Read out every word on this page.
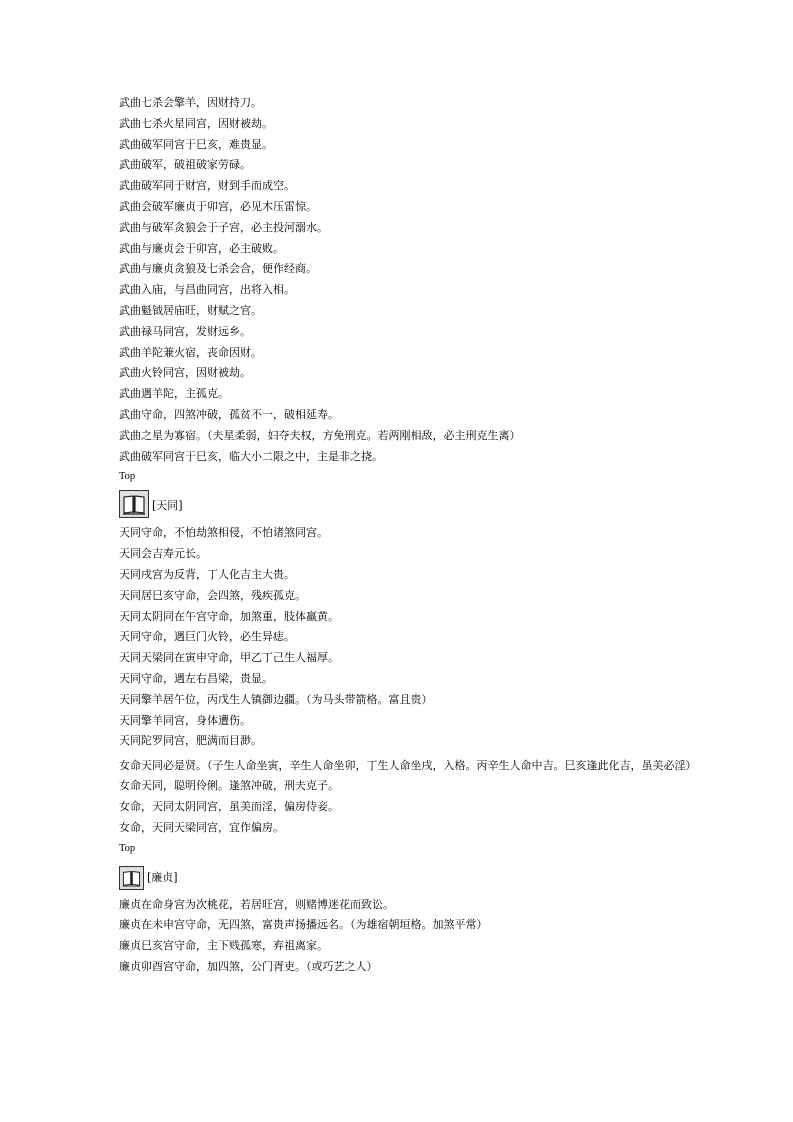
武曲七杀会擎羊，因财持刀。
武曲七杀火星同宫，因财被劫。
武曲破军同宫于巳亥，难贵显。
武曲破军，破祖破家劳碌。
武曲破军同于财宫，财到手而成空。
武曲会破军廉贞于卯宫，必见木压雷惊。
武曲与破军贪狼会于子宫，必主投河溺水。
武曲与廉贞会于卯宫，必主破败。
武曲与廉贞贪狼及七杀会合，便作经商。
武曲入庙，与昌曲同宫，出将入相。
武曲魁钺居庙旺，财赋之官。
武曲禄马同宫，发财远乡。
武曲羊陀兼火宿，丧命因财。
武曲火铃同宫，因财被劫。
武曲遇羊陀，主孤克。
武曲守命，四煞冲破，孤贫不一，破相延寿。
武曲之星为寡宿。（夫星柔弱，妇夺夫权，方免刑克。若两刚相敌，必主刑克生离）
武曲破军同宫于巳亥，临大小二限之中，主是非之挠。
Top
[天同]
天同守命，不怕劫煞相侵，不怕诸煞同宫。
天同会吉寿元长。
天同戌宫为反背，丁人化吉主大贵。
天同居巳亥守命，会四煞，残疾孤克。
天同太阴同在午宫守命，加煞重，肢体羸黄。
天同守命，遇巨门火铃，必生异痣。
天同天梁同在寅申守命，甲乙丁己生人福厚。
天同守命，遇左右昌梁，贵显。
天同擎羊居午位，丙戊生人镇御边疆。（为马头带箭格。富且贵）
天同擎羊同宫，身体遭伤。
天同陀罗同宫，肥满而目渺。
女命天同必是贤。（子生人命坐寅，辛生人命坐卯，丁生人命坐戌，入格。丙辛生人命中吉。巳亥逢此化吉，虽美必淫）
女命天同，聪明伶俐。逢煞冲破，刑夫克子。
女命，天同太阴同宫，虽美而淫，偏房侍妾。
女命，天同天梁同宫，宜作偏房。
Top
[廉贞]
廉贞在命身宫为次桃花，若居旺宫，则赌博迷花而致讼。
廉贞在未申宫守命，无四煞，富贵声扬播远名。（为雄宿朝垣格。加煞平常）
廉贞巳亥宫守命，主下贱孤寒，弃祖离家。
廉贞卯酉宫守命，加四煞，公门胥吏。（或巧艺之人）
